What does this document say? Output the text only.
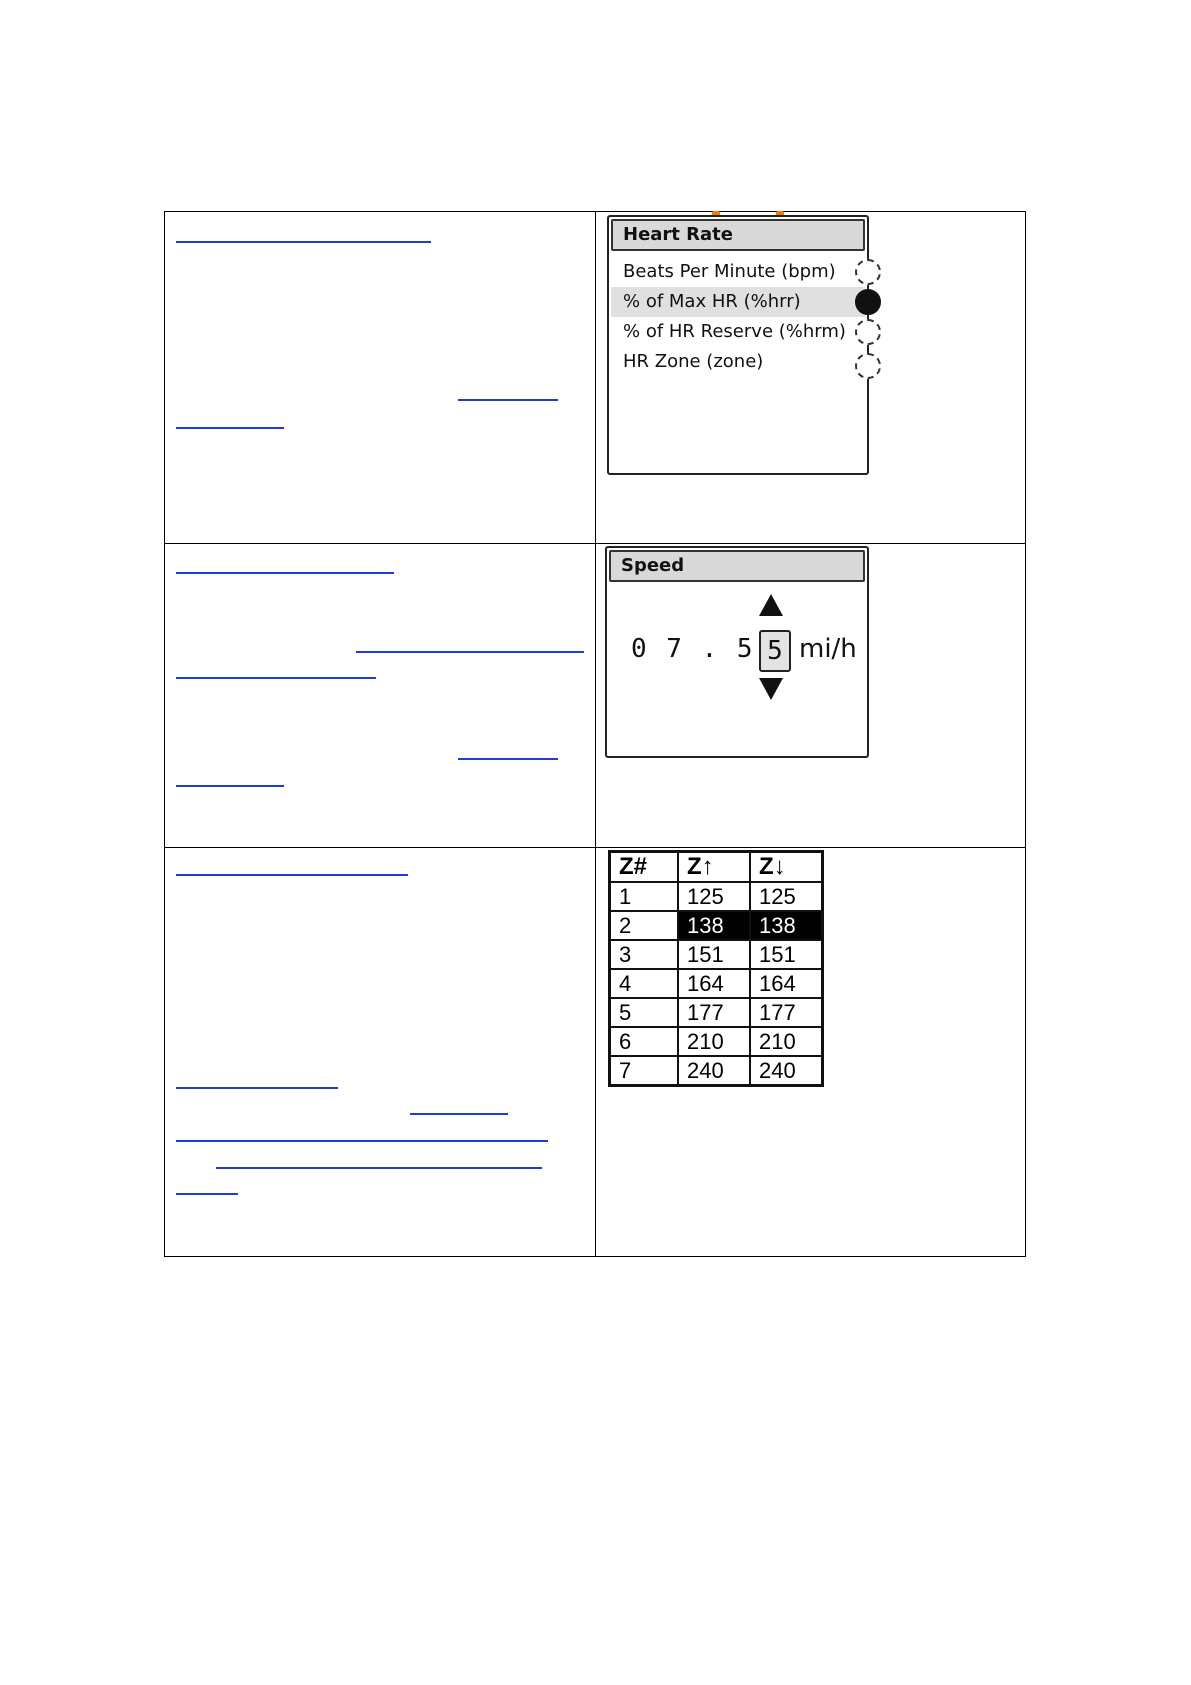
Heart Rate
Beats Per Minute (bpm)
% of Max HR (%hrr)
% of HR Reserve (%hrm)
HR Zone (zone)
Speed
0 7 . 5 5 mi/h
Z#	Z↑	Z↓
1	125	125
2	138	138
3	151	151
4	164	164
5	177	177
6	210	210
7	240	240
